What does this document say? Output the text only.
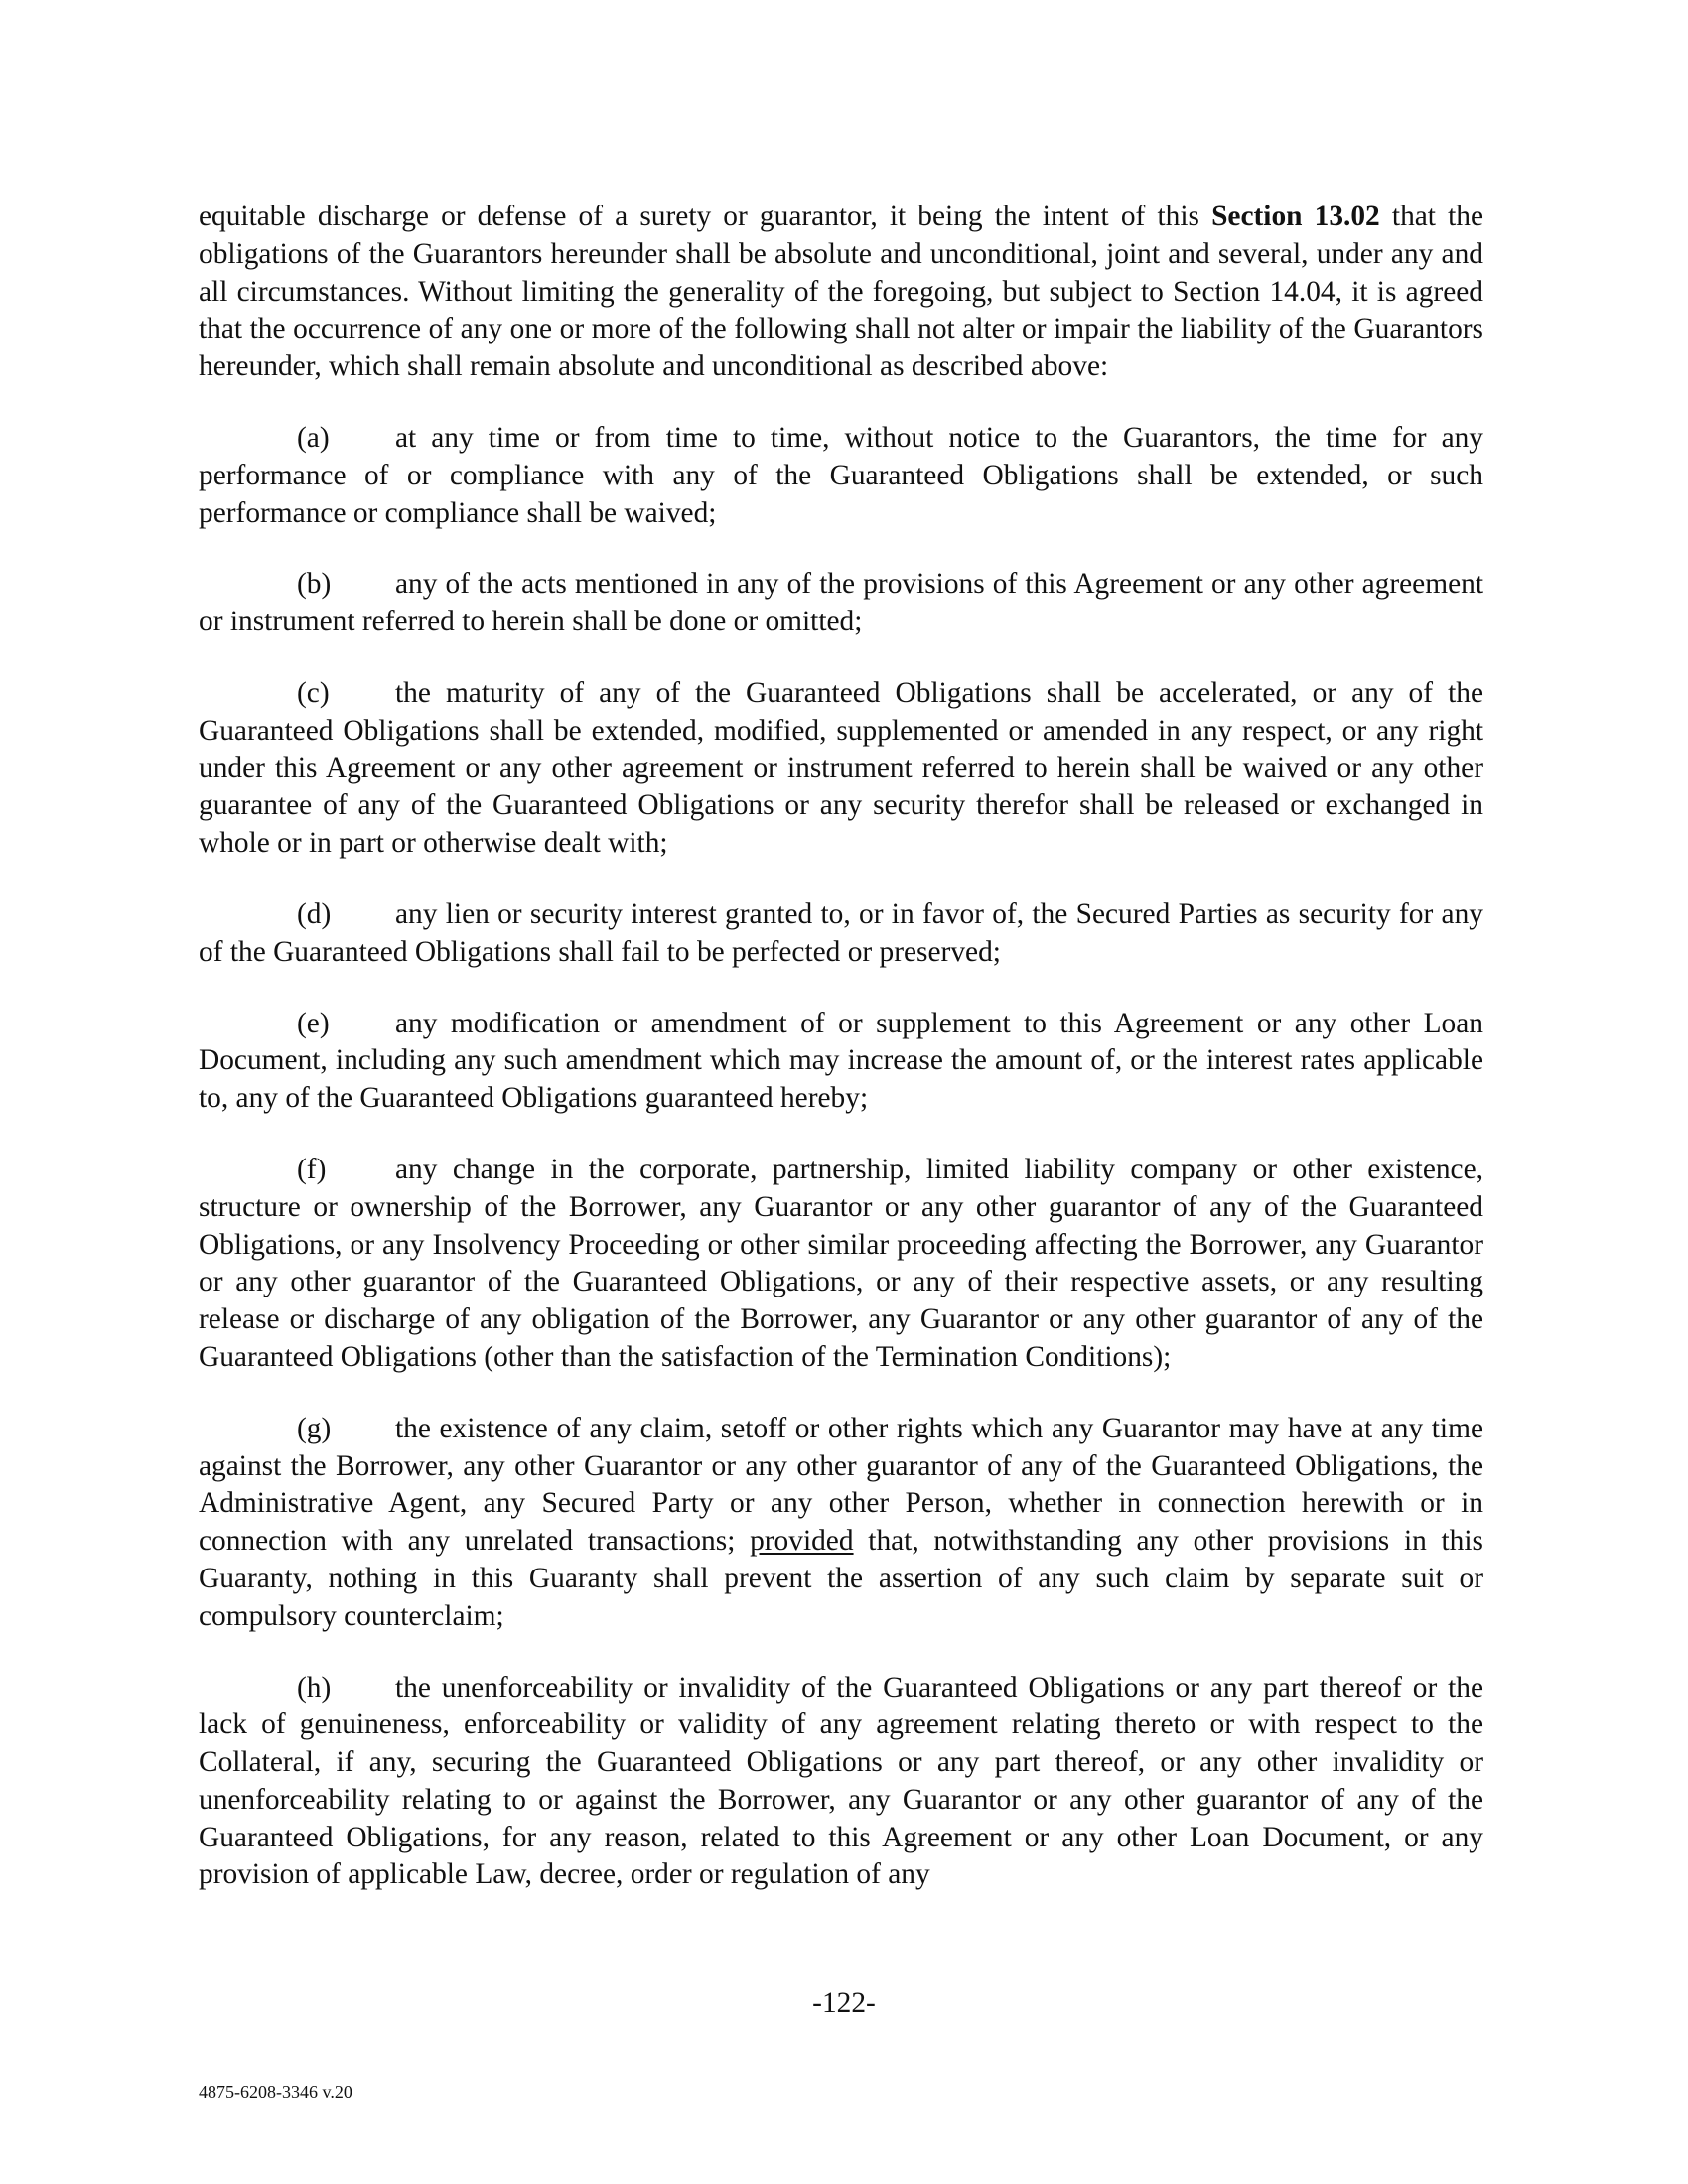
equitable discharge or defense of a surety or guarantor, it being the intent of this Section 13.02 that the obligations of the Guarantors hereunder shall be absolute and unconditional, joint and several, under any and all circumstances. Without limiting the generality of the foregoing, but subject to Section 14.04, it is agreed that the occurrence of any one or more of the following shall not alter or impair the liability of the Guarantors hereunder, which shall remain absolute and unconditional as described above:

(a) at any time or from time to time, without notice to the Guarantors, the time for any performance of or compliance with any of the Guaranteed Obligations shall be extended, or such performance or compliance shall be waived;

(b) any of the acts mentioned in any of the provisions of this Agreement or any other agreement or instrument referred to herein shall be done or omitted;

(c) the maturity of any of the Guaranteed Obligations shall be accelerated, or any of the Guaranteed Obligations shall be extended, modified, supplemented or amended in any respect, or any right under this Agreement or any other agreement or instrument referred to herein shall be waived or any other guarantee of any of the Guaranteed Obligations or any security therefor shall be released or exchanged in whole or in part or otherwise dealt with;

(d) any lien or security interest granted to, or in favor of, the Secured Parties as security for any of the Guaranteed Obligations shall fail to be perfected or preserved;

(e) any modification or amendment of or supplement to this Agreement or any other Loan Document, including any such amendment which may increase the amount of, or the interest rates applicable to, any of the Guaranteed Obligations guaranteed hereby;

(f) any change in the corporate, partnership, limited liability company or other existence, structure or ownership of the Borrower, any Guarantor or any other guarantor of any of the Guaranteed Obligations, or any Insolvency Proceeding or other similar proceeding affecting the Borrower, any Guarantor or any other guarantor of the Guaranteed Obligations, or any of their respective assets, or any resulting release or discharge of any obligation of the Borrower, any Guarantor or any other guarantor of any of the Guaranteed Obligations (other than the satisfaction of the Termination Conditions);

(g) the existence of any claim, setoff or other rights which any Guarantor may have at any time against the Borrower, any other Guarantor or any other guarantor of any of the Guaranteed Obligations, the Administrative Agent, any Secured Party or any other Person, whether in connection herewith or in connection with any unrelated transactions; provided that, notwithstanding any other provisions in this Guaranty, nothing in this Guaranty shall prevent the assertion of any such claim by separate suit or compulsory counterclaim;

(h) the unenforceability or invalidity of the Guaranteed Obligations or any part thereof or the lack of genuineness, enforceability or validity of any agreement relating thereto or with respect to the Collateral, if any, securing the Guaranteed Obligations or any part thereof, or any other invalidity or unenforceability relating to or against the Borrower, any Guarantor or any other guarantor of any of the Guaranteed Obligations, for any reason, related to this Agreement or any other Loan Document, or any provision of applicable Law, decree, order or regulation of any

-122-
4875-6208-3346 v.20
